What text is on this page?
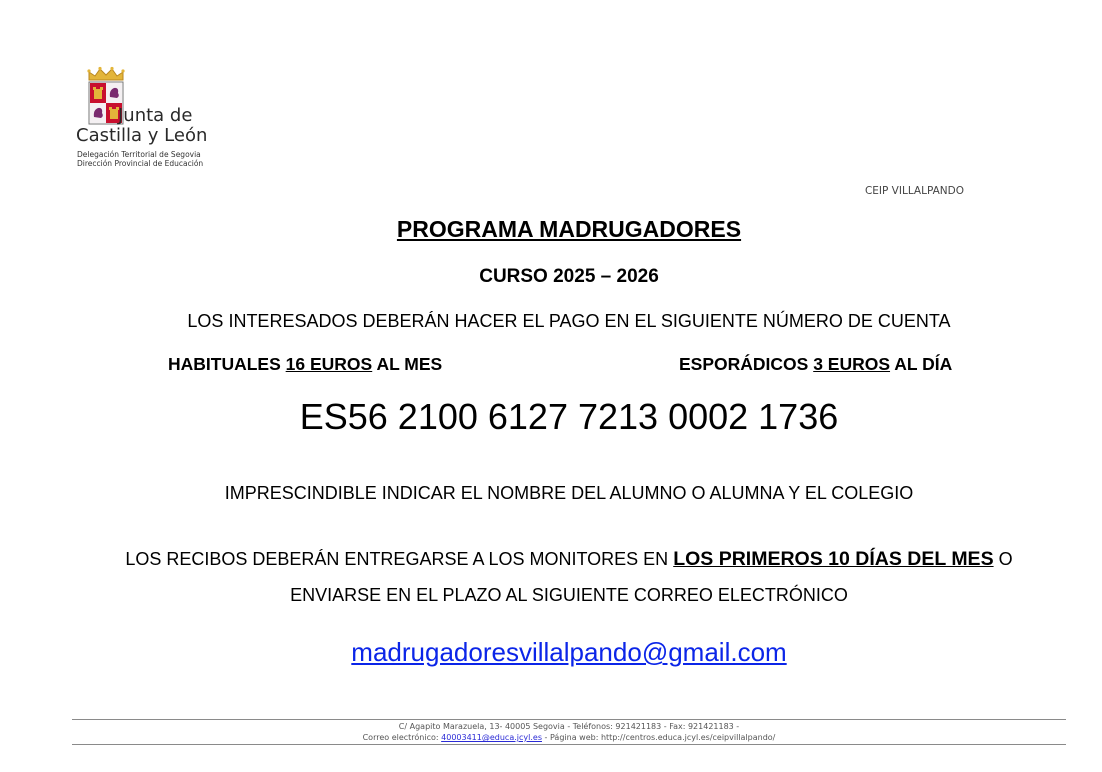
Junta de
Castilla y León
Delegación Territorial de Segovia
Dirección Provincial de Educación
CEIP VILLALPANDO
PROGRAMA MADRUGADORES
CURSO 2025 – 2026
LOS INTERESADOS DEBERÁN HACER EL PAGO EN EL SIGUIENTE NÚMERO DE CUENTA
HABITUALES 16 EUROS AL MES	ESPORÁDICOS 3 EUROS AL DÍA
ES56 2100 6127 7213 0002 1736
IMPRESCINDIBLE INDICAR EL NOMBRE DEL ALUMNO O ALUMNA Y EL COLEGIO
LOS RECIBOS DEBERÁN ENTREGARSE A LOS MONITORES EN LOS PRIMEROS 10 DÍAS DEL MES O
ENVIARSE EN EL PLAZO AL SIGUIENTE CORREO ELECTRÓNICO
madrugadoresvillalpando@gmail.com
C/ Agapito Marazuela, 13- 40005 Segovia - Teléfonos: 921421183 - Fax: 921421183 -
Correo electrónico: 40003411@educa.jcyl.es - Página web: http://centros.educa.jcyl.es/ceipvillalpando/
